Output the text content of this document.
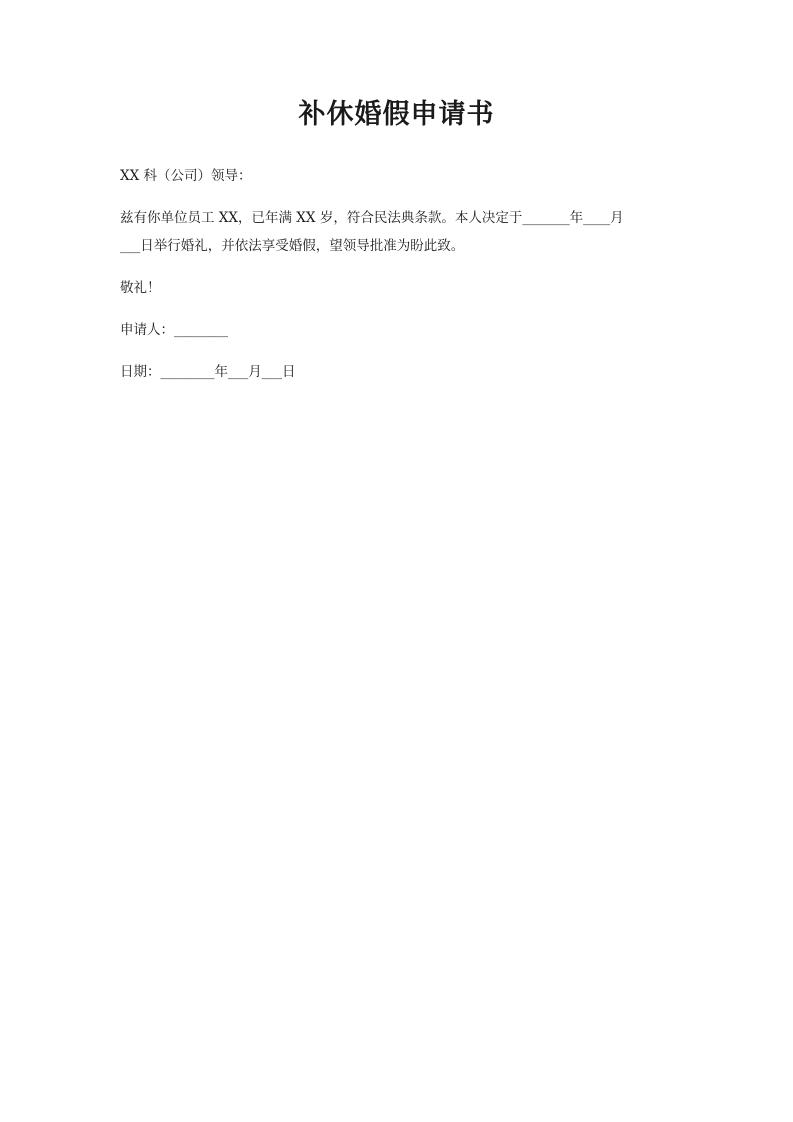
补休婚假申请书

XX 科（公司）领导：

兹有你单位员工 XX，已年满 XX 岁，符合民法典条款。本人决定于_______年____月

___日举行婚礼，并依法享受婚假，望领导批准为盼此致。

敬礼！

申请人：________

日期：________年___月___日
